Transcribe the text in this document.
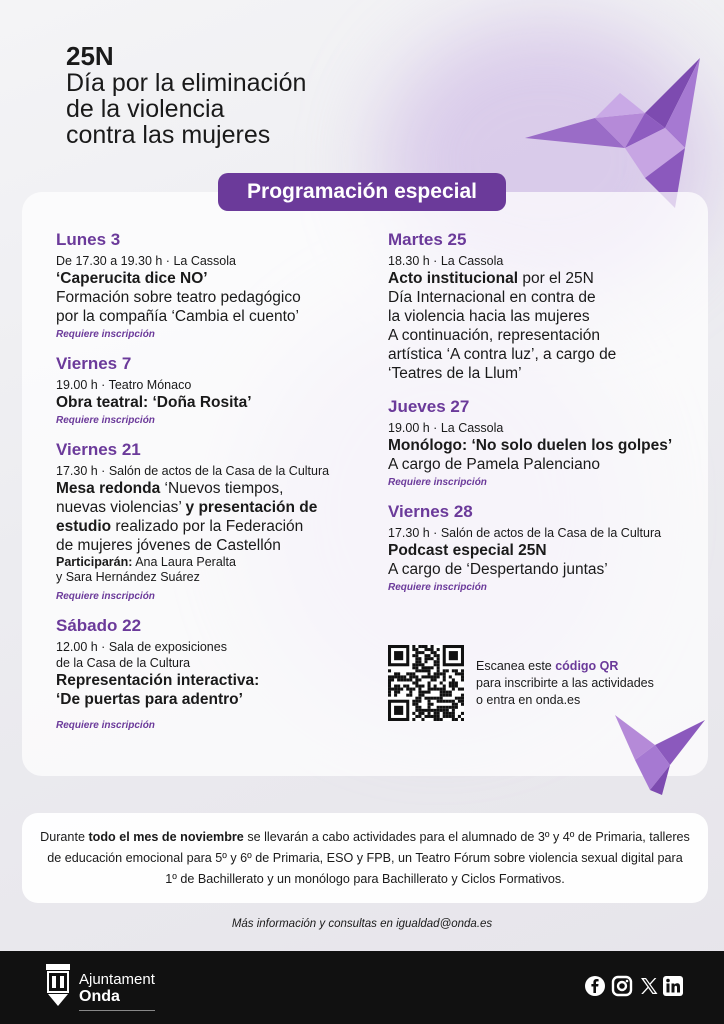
25N
Día por la eliminación
de la violencia
contra las mujeres
Programación especial
Lunes 3
De 17.30 a 19.30 h · La Cassola
‘Caperucita dice NO’
Formación sobre teatro pedagógico
por la compañía ‘Cambia el cuento’
Requiere inscripción
Viernes 7
19.00 h · Teatro Mónaco
Obra teatral: ‘Doña Rosita’
Requiere inscripción
Viernes 21
17.30 h · Salón de actos de la Casa de la Cultura
Mesa redonda ‘Nuevos tiempos,
nuevas violencias’ y presentación de
estudio realizado por la Federación
de mujeres jóvenes de Castellón
Participarán: Ana Laura Peralta
y Sara Hernández Suárez
Requiere inscripción
Sábado 22
12.00 h · Sala de exposiciones
de la Casa de la Cultura
Representación interactiva:
‘De puertas para adentro’
Requiere inscripción
Martes 25
18.30 h · La Cassola
Acto institucional por el 25N
Día Internacional en contra de
la violencia hacia las mujeres
A continuación, representación
artística ‘A contra luz’, a cargo de
‘Teatres de la Llum’
Jueves 27
19.00 h · La Cassola
Monólogo: ‘No solo duelen los golpes’
A cargo de Pamela Palenciano
Requiere inscripción
Viernes 28
17.30 h · Salón de actos de la Casa de la Cultura
Podcast especial 25N
A cargo de ‘Despertando juntas’
Requiere inscripción
Escanea este código QR
para inscribirte a las actividades
o entra en onda.es

Durante todo el mes de noviembre se llevarán a cabo actividades para el alumnado de 3º y 4º de Primaria, talleres de educación emocional para 5º y 6º de Primaria, ESO y FPB, un Teatro Fórum sobre violencia sexual digital para 1º de Bachillerato y un monólogo para Bachillerato y Ciclos Formativos.

Más información y consultas en igualdad@onda.es
Ajuntament
Onda
